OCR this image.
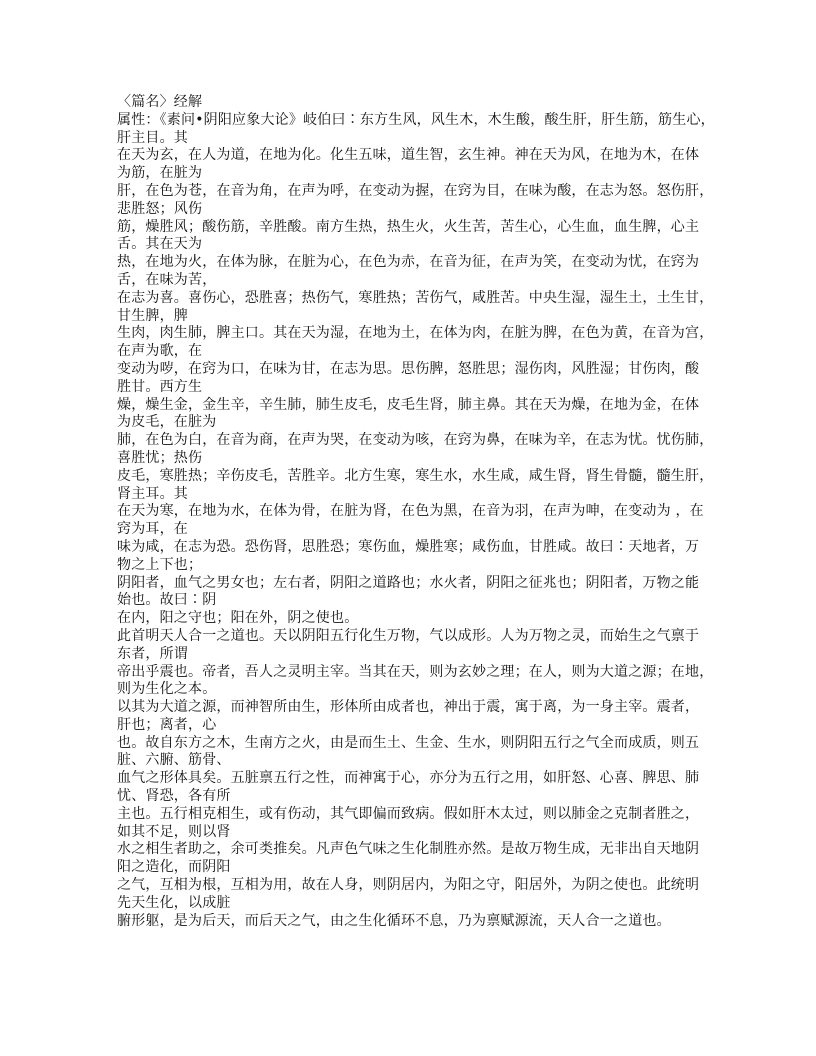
〈篇名〉经解
属性：《素问•阴阳应象大论》岐伯曰∶东方生风，风生木，木生酸，酸生肝，肝生筋，筋生心，
肝主目。其
在天为玄，在人为道，在地为化。化生五味，道生智，玄生神。神在天为风，在地为木，在体
为筋，在脏为
肝，在色为苍，在音为角，在声为呼，在变动为握，在窍为目，在味为酸，在志为怒。怒伤肝，
悲胜怒；风伤
筋，燥胜风；酸伤筋，辛胜酸。南方生热，热生火，火生苦，苦生心，心生血，血生脾，心主
舌。其在天为
热，在地为火，在体为脉，在脏为心，在色为赤，在音为征，在声为笑，在变动为忧，在窍为
舌，在味为苦，
在志为喜。喜伤心，恐胜喜；热伤气，寒胜热；苦伤气，咸胜苦。中央生湿，湿生土，土生甘，
甘生脾，脾
生肉，肉生肺，脾主口。其在天为湿，在地为土，在体为肉，在脏为脾，在色为黄，在音为宫，
在声为歌，在
变动为哕，在窍为口，在味为甘，在志为思。思伤脾，怒胜思；湿伤肉，风胜湿；甘伤肉，酸
胜甘。西方生
燥，燥生金，金生辛，辛生肺，肺生皮毛，皮毛生肾，肺主鼻。其在天为燥，在地为金，在体
为皮毛，在脏为
肺，在色为白，在音为商，在声为哭，在变动为咳，在窍为鼻，在味为辛，在志为忧。忧伤肺，
喜胜忧；热伤
皮毛，寒胜热；辛伤皮毛，苦胜辛。北方生寒，寒生水，水生咸，咸生肾，肾生骨髓，髓生肝，
肾主耳。其
在天为寒，在地为水，在体为骨，在脏为肾，在色为黑，在音为羽，在声为呻，在变动为 ，在
窍为耳，在
味为咸，在志为恐。恐伤肾，思胜恐；寒伤血，燥胜寒；咸伤血，甘胜咸。故曰∶天地者，万
物之上下也；
阴阳者，血气之男女也；左右者，阴阳之道路也；水火者，阴阳之征兆也；阴阳者，万物之能
始也。故曰∶阴
在内，阳之守也；阳在外，阴之使也。
此首明天人合一之道也。天以阴阳五行化生万物，气以成形。人为万物之灵，而始生之气禀于
东者，所谓
帝出乎震也。帝者，吾人之灵明主宰。当其在天，则为玄妙之理；在人，则为大道之源；在地，
则为生化之本。
以其为大道之源，而神智所由生，形体所由成者也，神出于震，寓于离，为一身主宰。震者，
肝也；离者，心
也。故自东方之木，生南方之火，由是而生土、生金、生水，则阴阳五行之气全而成质，则五
脏、六腑、筋骨、
血气之形体具矣。五脏禀五行之性，而神寓于心，亦分为五行之用，如肝怒、心喜、脾思、肺
忧、肾恐，各有所
主也。五行相克相生，或有伤动，其气即偏而致病。假如肝木太过，则以肺金之克制者胜之，
如其不足，则以肾
水之相生者助之，余可类推矣。凡声色气味之生化制胜亦然。是故万物生成，无非出自天地阴
阳之造化，而阴阳
之气，互相为根，互相为用，故在人身，则阴居内，为阳之守，阳居外，为阴之使也。此统明
先天生化，以成脏
腑形躯，是为后天，而后天之气，由之生化循环不息，乃为禀赋源流，天人合一之道也。
